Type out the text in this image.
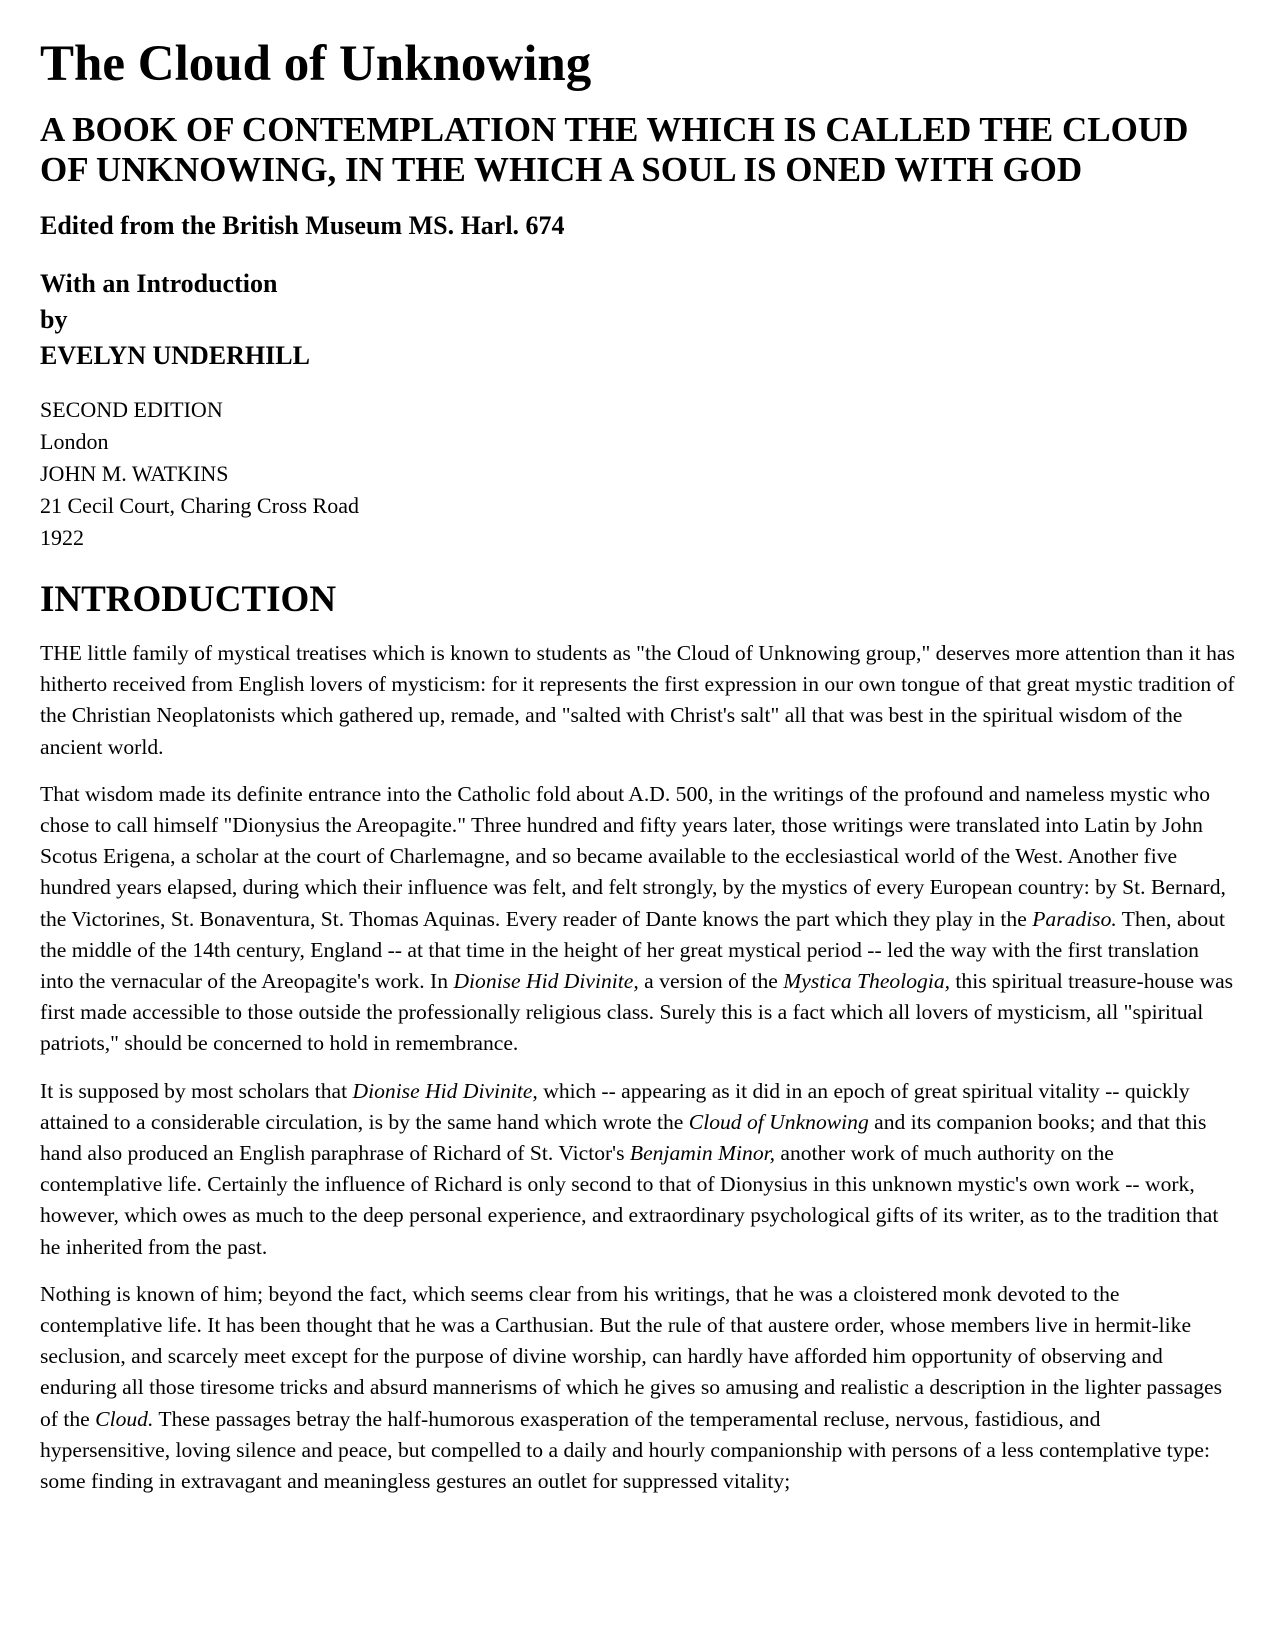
The Cloud of Unknowing
A BOOK OF CONTEMPLATION THE WHICH IS CALLED THE CLOUD OF UNKNOWING, IN THE WHICH A SOUL IS ONED WITH GOD
Edited from the British Museum MS. Harl. 674
With an Introduction
by
EVELYN UNDERHILL
SECOND EDITION
London
JOHN M. WATKINS
21 Cecil Court, Charing Cross Road
1922
INTRODUCTION

THE little family of mystical treatises which is known to students as "the Cloud of Unknowing group," deserves more attention than it has hitherto received from English lovers of mysticism: for it represents the first expression in our own tongue of that great mystic tradition of the Christian Neoplatonists which gathered up, remade, and "salted with Christ's salt" all that was best in the spiritual wisdom of the ancient world.

That wisdom made its definite entrance into the Catholic fold about A.D. 500, in the writings of the profound and nameless mystic who chose to call himself "Dionysius the Areopagite." Three hundred and fifty years later, those writings were translated into Latin by John Scotus Erigena, a scholar at the court of Charlemagne, and so became available to the ecclesiastical world of the West. Another five hundred years elapsed, during which their influence was felt, and felt strongly, by the mystics of every European country: by St. Bernard, the Victorines, St. Bonaventura, St. Thomas Aquinas. Every reader of Dante knows the part which they play in the Paradiso. Then, about the middle of the 14th century, England -- at that time in the height of her great mystical period -- led the way with the first translation into the vernacular of the Areopagite's work. In Dionise Hid Divinite, a version of the Mystica Theologia, this spiritual treasure-house was first made accessible to those outside the professionally religious class. Surely this is a fact which all lovers of mysticism, all "spiritual patriots," should be concerned to hold in remembrance.

It is supposed by most scholars that Dionise Hid Divinite, which -- appearing as it did in an epoch of great spiritual vitality -- quickly attained to a considerable circulation, is by the same hand which wrote the Cloud of Unknowing and its companion books; and that this hand also produced an English paraphrase of Richard of St. Victor's Benjamin Minor, another work of much authority on the contemplative life. Certainly the influence of Richard is only second to that of Dionysius in this unknown mystic's own work -- work, however, which owes as much to the deep personal experience, and extraordinary psychological gifts of its writer, as to the tradition that he inherited from the past.

Nothing is known of him; beyond the fact, which seems clear from his writings, that he was a cloistered monk devoted to the contemplative life. It has been thought that he was a Carthusian. But the rule of that austere order, whose members live in hermit-like seclusion, and scarcely meet except for the purpose of divine worship, can hardly have afforded him opportunity of observing and enduring all those tiresome tricks and absurd mannerisms of which he gives so amusing and realistic a description in the lighter passages of the Cloud. These passages betray the half-humorous exasperation of the temperamental recluse, nervous, fastidious, and hypersensitive, loving silence and peace, but compelled to a daily and hourly companionship with persons of a less contemplative type: some finding in extravagant and meaningless gestures an outlet for suppressed vitality;
